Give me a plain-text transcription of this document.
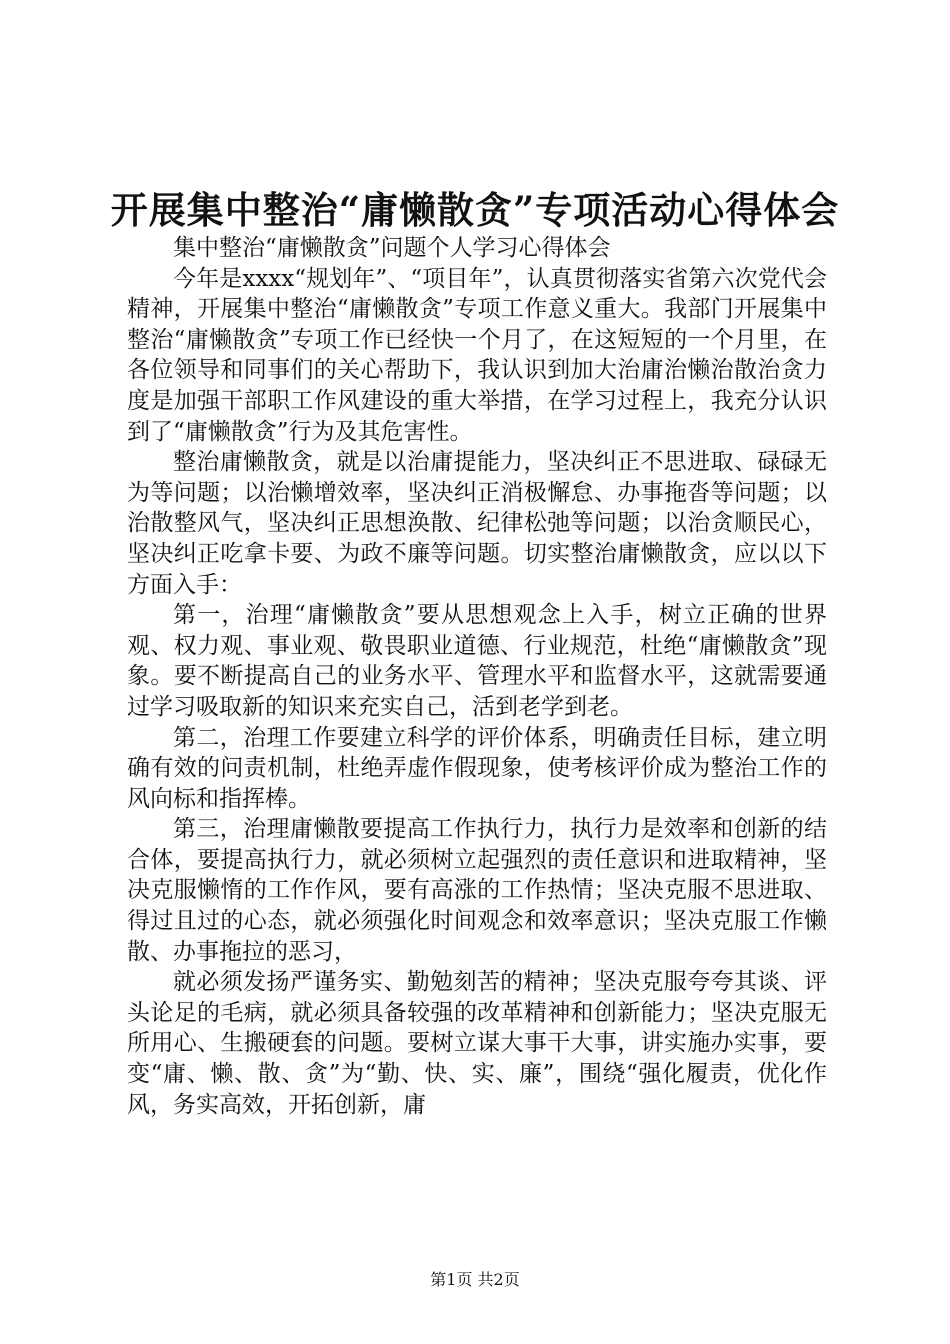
开展集中整治“庸懒散贪”专项活动心得体会

集中整治“庸懒散贪”问题个人学习心得体会

今年是xxxx“规划年”、“项目年”，认真贯彻落实省第六次党代会精神，开展集中整治“庸懒散贪”专项工作意义重大。我部门开展集中整治“庸懒散贪”专项工作已经快一个月了，在这短短的一个月里，在各位领导和同事们的关心帮助下，我认识到加大治庸治懒治散治贪力度是加强干部职工作风建设的重大举措，在学习过程上，我充分认识到了“庸懒散贪”行为及其危害性。

整治庸懒散贪，就是以治庸提能力，坚决纠正不思进取、碌碌无为等问题；以治懒增效率，坚决纠正消极懈怠、办事拖沓等问题；以治散整风气，坚决纠正思想涣散、纪律松弛等问题；以治贪顺民心，坚决纠正吃拿卡要、为政不廉等问题。切实整治庸懒散贪，应以以下方面入手：

第一，治理“庸懒散贪”要从思想观念上入手，树立正确的世界观、权力观、事业观、敬畏职业道德、行业规范，杜绝“庸懒散贪”现象。要不断提高自己的业务水平、管理水平和监督水平，这就需要通过学习吸取新的知识来充实自己，活到老学到老。

第二，治理工作要建立科学的评价体系，明确责任目标，建立明确有效的问责机制，杜绝弄虚作假现象，使考核评价成为整治工作的风向标和指挥棒。

第三，治理庸懒散要提高工作执行力，执行力是效率和创新的结合体，要提高执行力，就必须树立起强烈的责任意识和进取精神，坚决克服懒惰的工作作风，要有高涨的工作热情；坚决克服不思进取、得过且过的心态，就必须强化时间观念和效率意识；坚决克服工作懒散、办事拖拉的恶习，

就必须发扬严谨务实、勤勉刻苦的精神；坚决克服夸夸其谈、评头论足的毛病，就必须具备较强的改革精神和创新能力；坚决克服无所用心、生搬硬套的问题。要树立谋大事干大事，讲实施办实事，要变“庸、懒、散、贪”为“勤、快、实、廉”，围绕“强化履责，优化作风，务实高效，开拓创新，庸

第1页 共2页
